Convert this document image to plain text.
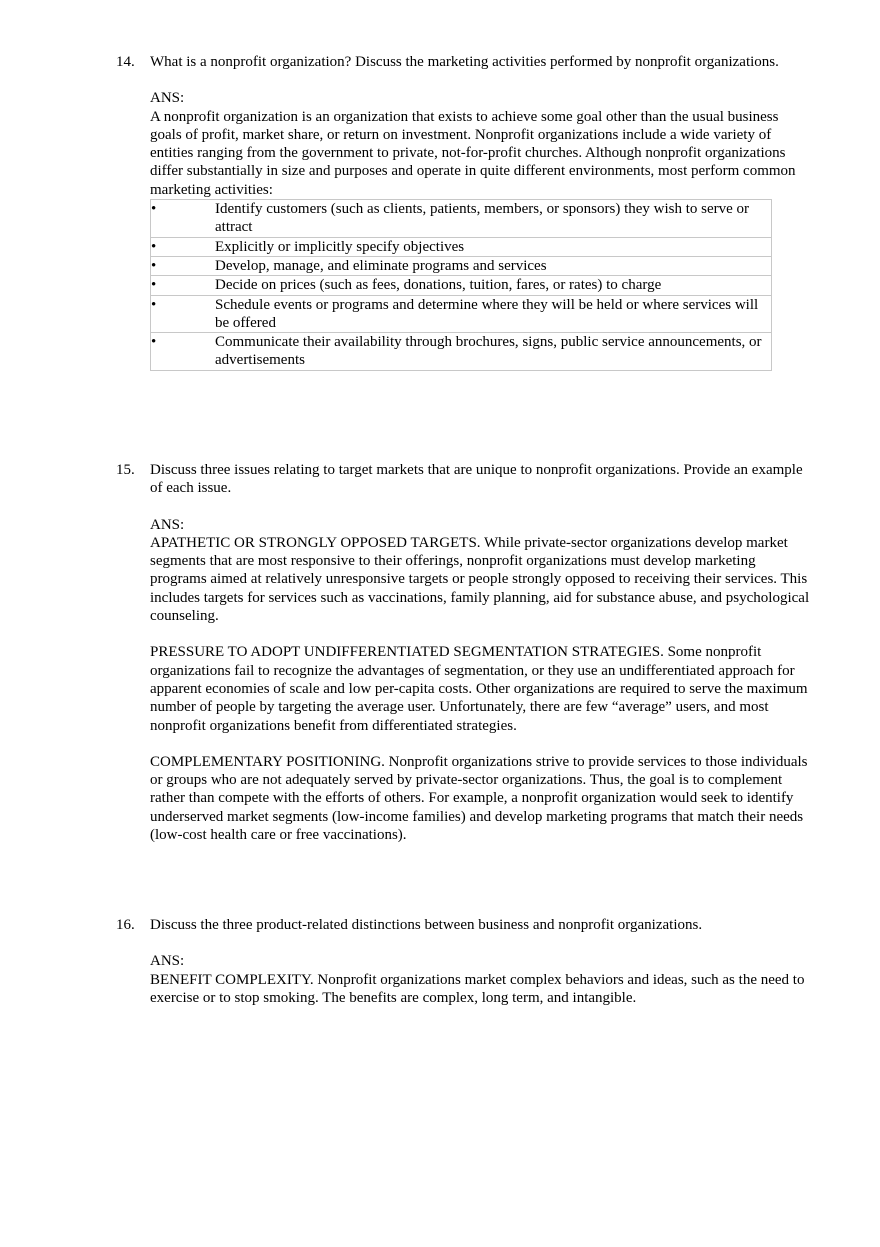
14. What is a nonprofit organization? Discuss the marketing activities performed by nonprofit organizations.
ANS:
A nonprofit organization is an organization that exists to achieve some goal other than the usual business goals of profit, market share, or return on investment. Nonprofit organizations include a wide variety of entities ranging from the government to private, not-for-profit churches. Although nonprofit organizations differ substantially in size and purposes and operate in quite different environments, most perform common marketing activities:
•	Identify customers (such as clients, patients, members, or sponsors) they wish to serve or attract
•	Explicitly or implicitly specify objectives
•	Develop, manage, and eliminate programs and services
•	Decide on prices (such as fees, donations, tuition, fares, or rates) to charge
•	Schedule events or programs and determine where they will be held or where services will be offered
•	Communicate their availability through brochures, signs, public service announcements, or advertisements
15. Discuss three issues relating to target markets that are unique to nonprofit organizations. Provide an example of each issue.
ANS:
APATHETIC OR STRONGLY OPPOSED TARGETS. While private-sector organizations develop market segments that are most responsive to their offerings, nonprofit organizations must develop marketing programs aimed at relatively unresponsive targets or people strongly opposed to receiving their services. This includes targets for services such as vaccinations, family planning, aid for substance abuse, and psychological counseling.
PRESSURE TO ADOPT UNDIFFERENTIATED SEGMENTATION STRATEGIES. Some nonprofit organizations fail to recognize the advantages of segmentation, or they use an undifferentiated approach for apparent economies of scale and low per-capita costs. Other organizations are required to serve the maximum number of people by targeting the average user. Unfortunately, there are few “average” users, and most nonprofit organizations benefit from differentiated strategies.
COMPLEMENTARY POSITIONING. Nonprofit organizations strive to provide services to those individuals or groups who are not adequately served by private-sector organizations. Thus, the goal is to complement rather than compete with the efforts of others. For example, a nonprofit organization would seek to identify underserved market segments (low-income families) and develop marketing programs that match their needs (low-cost health care or free vaccinations).
16. Discuss the three product-related distinctions between business and nonprofit organizations.
ANS:
BENEFIT COMPLEXITY. Nonprofit organizations market complex behaviors and ideas, such as the need to exercise or to stop smoking. The benefits are complex, long term, and intangible.
